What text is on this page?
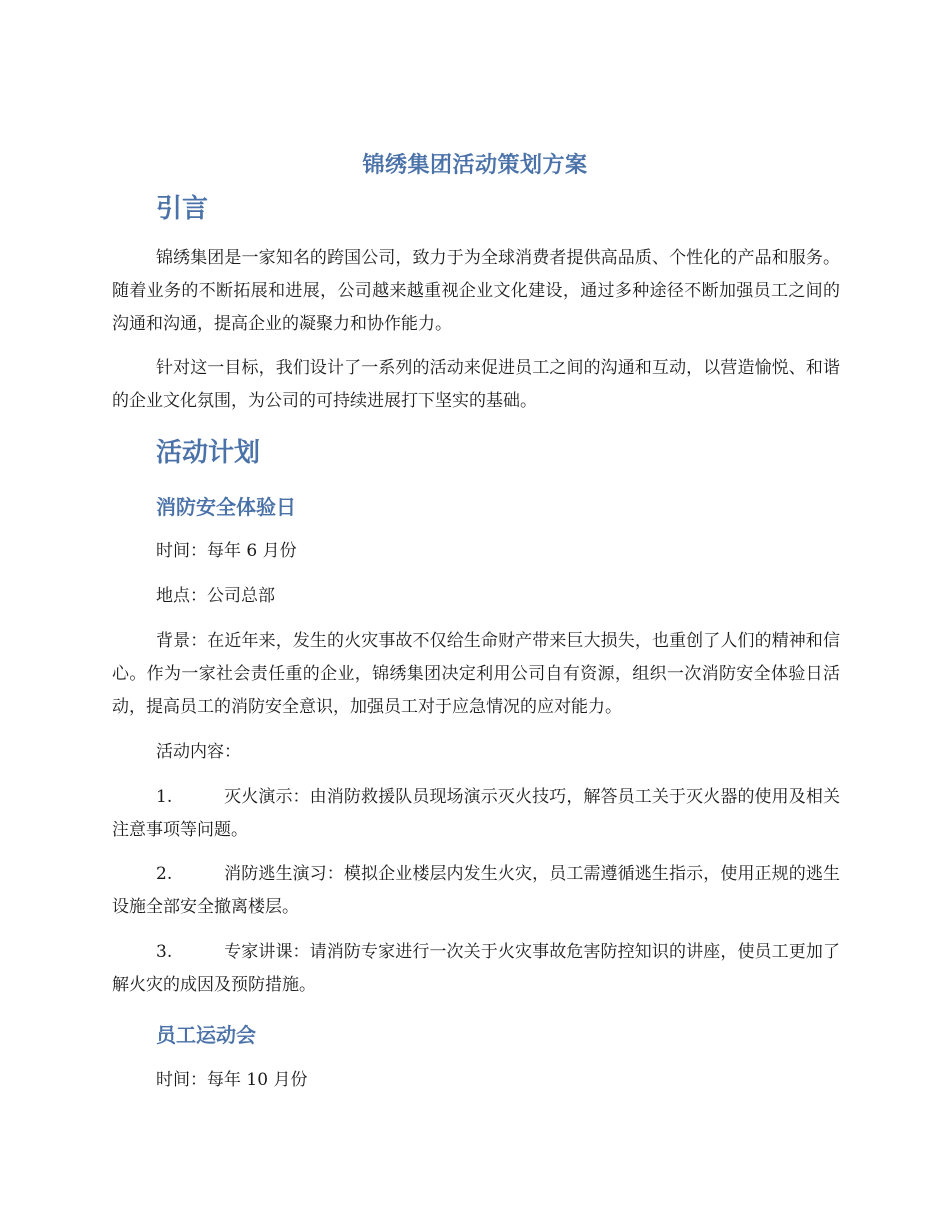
锦绣集团活动策划方案
引言

锦绣集团是一家知名的跨国公司，致力于为全球消费者提供高品质、个性化的产品和服务。随着业务的不断拓展和进展，公司越来越重视企业文化建设，通过多种途径不断加强员工之间的沟通和沟通，提高企业的凝聚力和协作能力。

针对这一目标，我们设计了一系列的活动来促进员工之间的沟通和互动，以营造愉悦、和谐的企业文化氛围，为公司的可持续进展打下坚实的基础。

活动计划
消防安全体验日

时间：每年 6 月份

地点：公司总部

背景：在近年来，发生的火灾事故不仅给生命财产带来巨大损失，也重创了人们的精神和信心。作为一家社会责任重的企业，锦绣集团决定利用公司自有资源，组织一次消防安全体验日活动，提高员工的消防安全意识，加强员工对于应急情况的应对能力。

活动内容：

1.	灭火演示：由消防救援队员现场演示灭火技巧，解答员工关于灭火器的使用及相关注意事项等问题。

2.	消防逃生演习：模拟企业楼层内发生火灾，员工需遵循逃生指示，使用正规的逃生设施全部安全撤离楼层。

3.	专家讲课：请消防专家进行一次关于火灾事故危害防控知识的讲座，使员工更加了解火灾的成因及预防措施。

员工运动会

时间：每年 10 月份
